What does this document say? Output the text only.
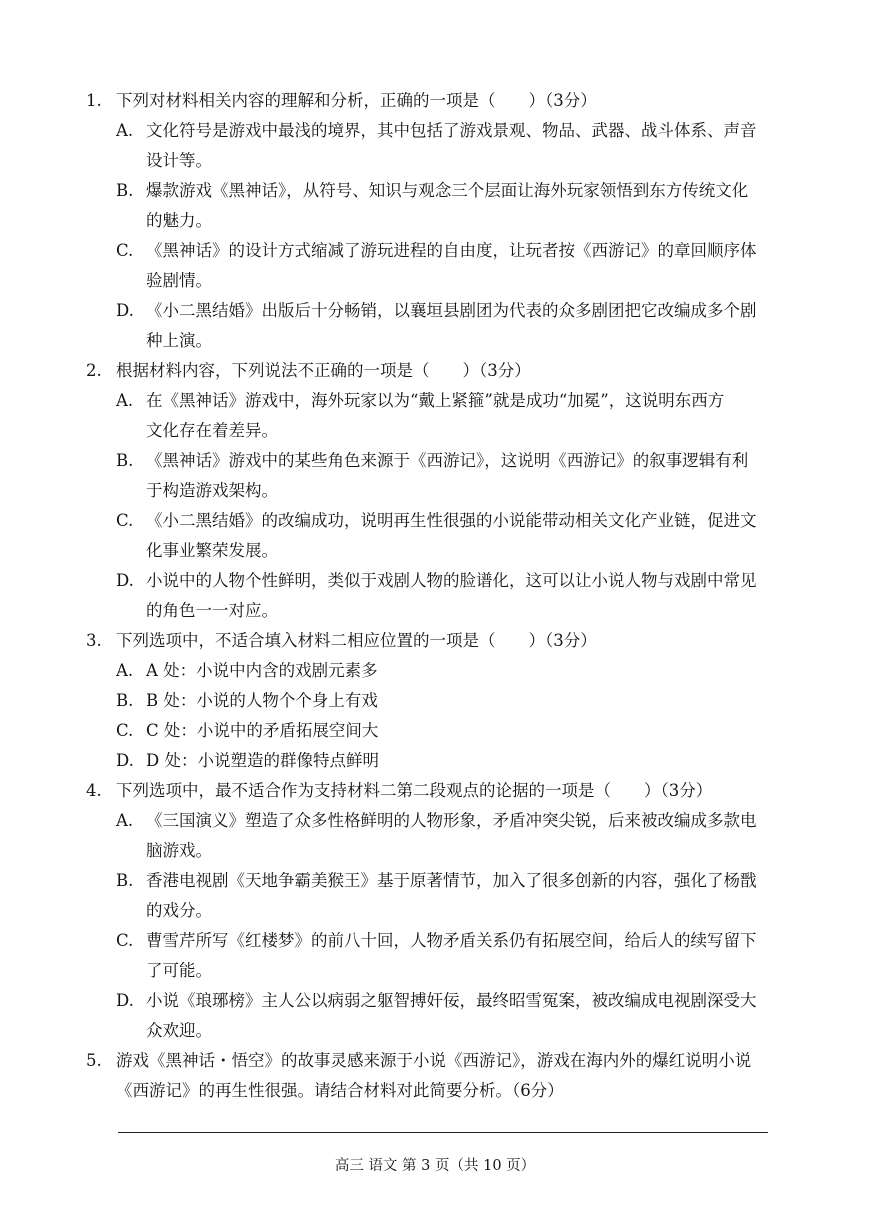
1. 下列对材料相关内容的理解和分析，正确的一项是（　　）（3分）
A. 文化符号是游戏中最浅的境界，其中包括了游戏景观、物品、武器、战斗体系、声音
设计等。
B. 爆款游戏《黑神话》，从符号、知识与观念三个层面让海外玩家领悟到东方传统文化
的魅力。
C. 《黑神话》的设计方式缩减了游玩进程的自由度，让玩者按《西游记》的章回顺序体
验剧情。
D. 《小二黑结婚》出版后十分畅销，以襄垣县剧团为代表的众多剧团把它改编成多个剧
种上演。
2. 根据材料内容，下列说法不正确的一项是（　　）（3分）
A. 在《黑神话》游戏中，海外玩家以为“戴上紧箍”就是成功“加冕”，这说明东西方
文化存在着差异。
B. 《黑神话》游戏中的某些角色来源于《西游记》，这说明《西游记》的叙事逻辑有利
于构造游戏架构。
C. 《小二黑结婚》的改编成功，说明再生性很强的小说能带动相关文化产业链，促进文
化事业繁荣发展。
D. 小说中的人物个性鲜明，类似于戏剧人物的脸谱化，这可以让小说人物与戏剧中常见
的角色一一对应。
3. 下列选项中，不适合填入材料二相应位置的一项是（　　）（3分）
A. A 处：小说中内含的戏剧元素多
B. B 处：小说的人物个个身上有戏
C. C 处：小说中的矛盾拓展空间大
D. D 处：小说塑造的群像特点鲜明
4. 下列选项中，最不适合作为支持材料二第二段观点的论据的一项是（　　）（3分）
A. 《三国演义》塑造了众多性格鲜明的人物形象，矛盾冲突尖锐，后来被改编成多款电
脑游戏。
B. 香港电视剧《天地争霸美猴王》基于原著情节，加入了很多创新的内容，强化了杨戬
的戏分。
C. 曹雪芹所写《红楼梦》的前八十回，人物矛盾关系仍有拓展空间，给后人的续写留下
了可能。
D. 小说《琅琊榜》主人公以病弱之躯智搏奸佞，最终昭雪冤案，被改编成电视剧深受大
众欢迎。
5. 游戏《黑神话・悟空》的故事灵感来源于小说《西游记》，游戏在海内外的爆红说明小说
《西游记》的再生性很强。请结合材料对此简要分析。（6分）
高三 语文 第 3 页（共 10 页）
